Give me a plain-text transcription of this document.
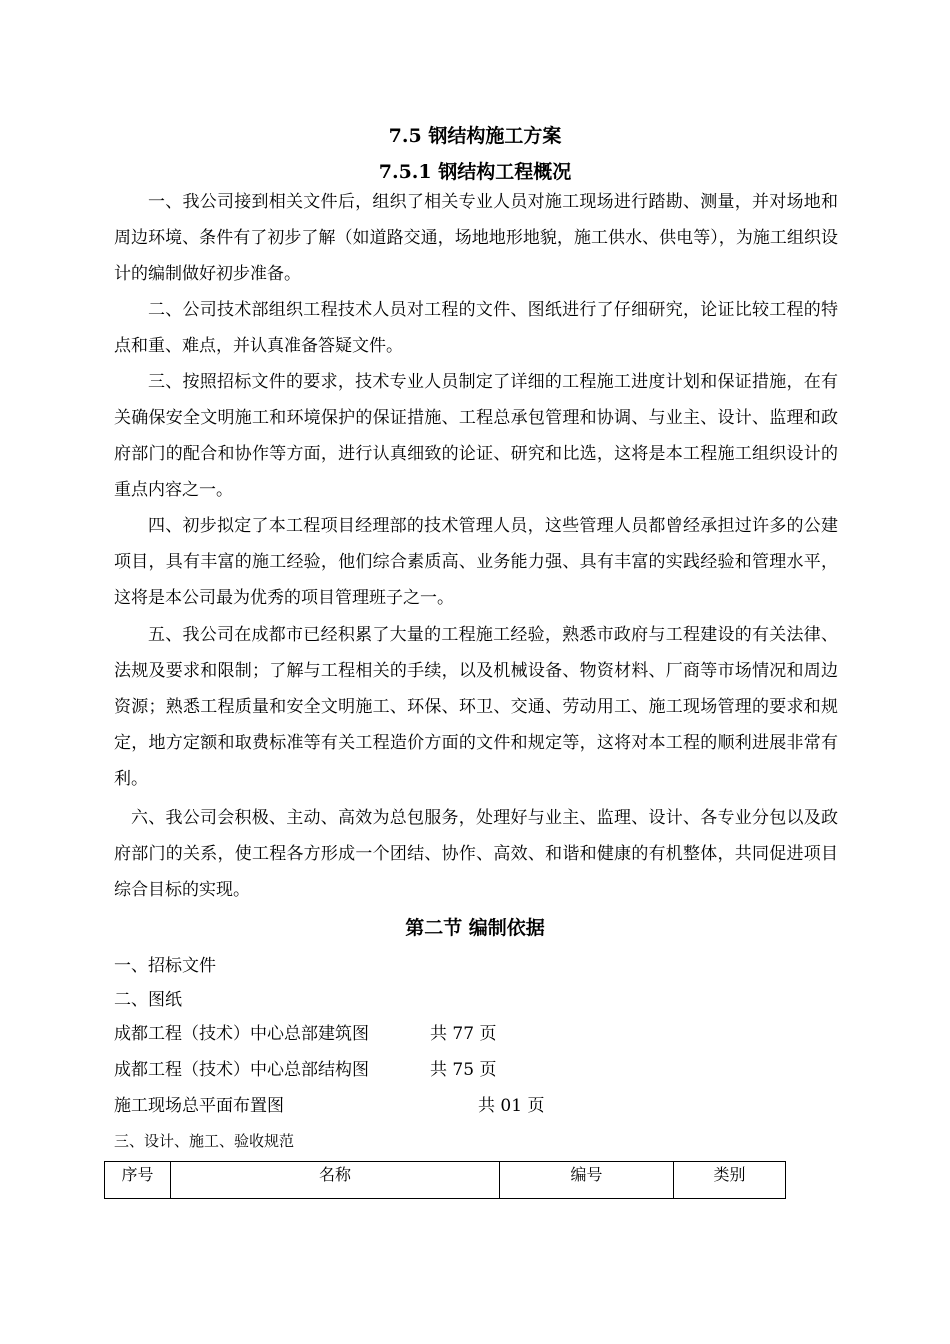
7.5 钢结构施工方案
7.5.1 钢结构工程概况
一、我公司接到相关文件后，组织了相关专业人员对施工现场进行踏勘、测量，并对场地和周边环境、条件有了初步了解（如道路交通，场地地形地貌，施工供水、供电等），为施工组织设计的编制做好初步准备。
二、公司技术部组织工程技术人员对工程的文件、图纸进行了仔细研究，论证比较工程的特点和重、难点，并认真准备答疑文件。
三、按照招标文件的要求，技术专业人员制定了详细的工程施工进度计划和保证措施，在有关确保安全文明施工和环境保护的保证措施、工程总承包管理和协调、与业主、设计、监理和政府部门的配合和协作等方面，进行认真细致的论证、研究和比选，这将是本工程施工组织设计的重点内容之一。
四、初步拟定了本工程项目经理部的技术管理人员，这些管理人员都曾经承担过许多的公建项目，具有丰富的施工经验，他们综合素质高、业务能力强、具有丰富的实践经验和管理水平，这将是本公司最为优秀的项目管理班子之一。
五、我公司在成都市已经积累了大量的工程施工经验，熟悉市政府与工程建设的有关法律、法规及要求和限制；了解与工程相关的手续，以及机械设备、物资材料、厂商等市场情况和周边资源；熟悉工程质量和安全文明施工、环保、环卫、交通、劳动用工、施工现场管理的要求和规定，地方定额和取费标准等有关工程造价方面的文件和规定等，这将对本工程的顺利进展非常有利。
六、我公司会积极、主动、高效为总包服务，处理好与业主、监理、设计、各专业分包以及政府部门的关系，使工程各方形成一个团结、协作、高效、和谐和健康的有机整体，共同促进项目综合目标的实现。
第二节 编制依据
一、招标文件
二、图纸
成都工程（技术）中心总部建筑图	共 77 页
成都工程（技术）中心总部结构图	共 75 页
施工现场总平面布置图	共 01 页
三、设计、施工、验收规范
序号	名称	编号	类别
